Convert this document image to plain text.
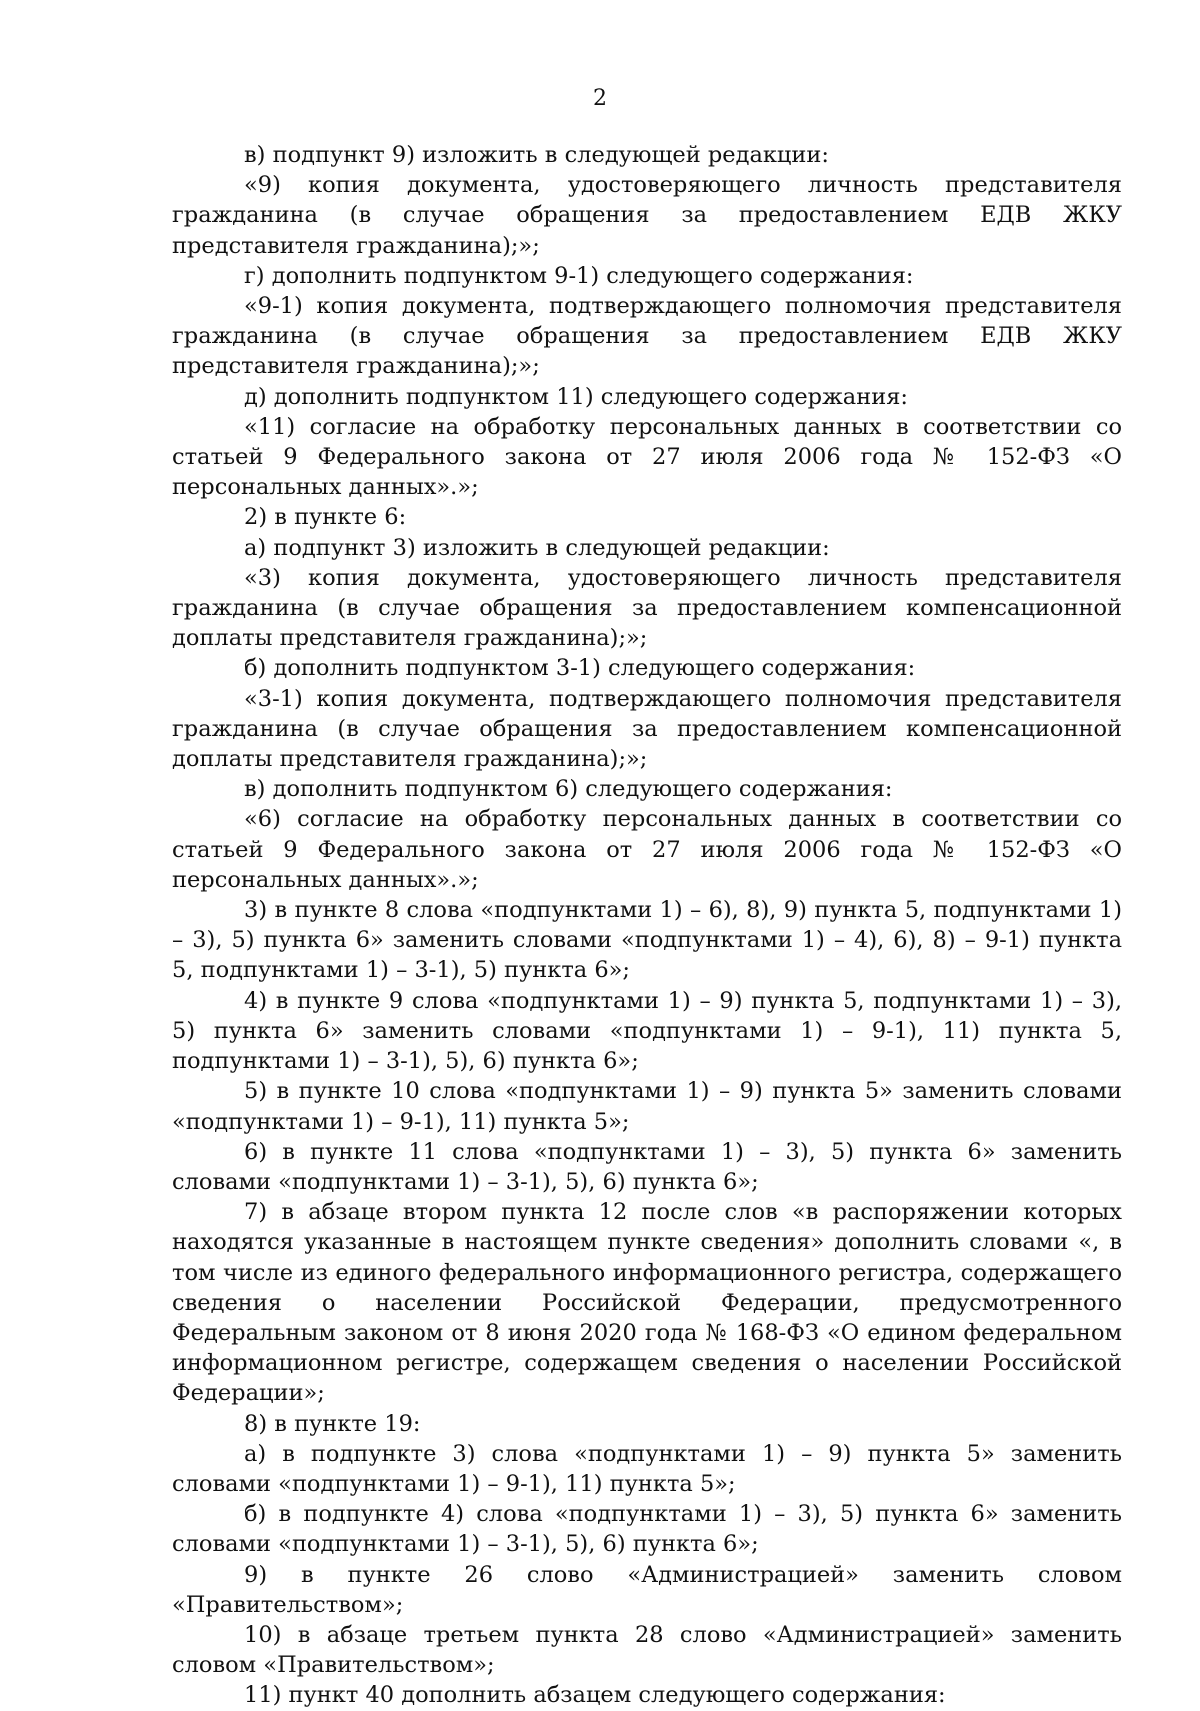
2

в) подпункт 9) изложить в следующей редакции:

«9) копия документа, удостоверяющего личность представителя гражданина (в случае обращения за предоставлением ЕДВ ЖКУ представителя гражданина);»;

г) дополнить подпунктом 9-1) следующего содержания:

«9-1) копия документа, подтверждающего полномочия представителя гражданина (в случае обращения за предоставлением ЕДВ ЖКУ представителя гражданина);»;

д) дополнить подпунктом 11) следующего содержания:

«11) согласие на обработку персональных данных в соответствии со статьей 9 Федерального закона от 27 июля 2006 года № 152-ФЗ «О персональных данных».»;

2) в пункте 6:

а) подпункт 3) изложить в следующей редакции:

«3) копия документа, удостоверяющего личность представителя гражданина (в случае обращения за предоставлением компенсационной доплаты представителя гражданина);»;

б) дополнить подпунктом 3-1) следующего содержания:

«3-1) копия документа, подтверждающего полномочия представителя гражданина (в случае обращения за предоставлением компенсационной доплаты представителя гражданина);»;

в) дополнить подпунктом 6) следующего содержания:

«6) согласие на обработку персональных данных в соответствии со статьей 9 Федерального закона от 27 июля 2006 года № 152-ФЗ «О персональных данных».»;

3) в пункте 8 слова «подпунктами 1) – 6), 8), 9) пункта 5, подпунктами 1) – 3), 5) пункта 6» заменить словами «подпунктами 1) – 4), 6), 8) – 9-1) пункта 5, подпунктами 1) – 3-1), 5) пункта 6»;

4) в пункте 9 слова «подпунктами 1) – 9) пункта 5, подпунктами 1) – 3), 5) пункта 6» заменить словами «подпунктами 1) – 9-1), 11) пункта 5, подпунктами 1) – 3-1), 5), 6) пункта 6»;

5) в пункте 10 слова «подпунктами 1) – 9) пункта 5» заменить словами «подпунктами 1) – 9-1), 11) пункта 5»;

6) в пункте 11 слова «подпунктами 1) – 3), 5) пункта 6» заменить словами «подпунктами 1) – 3-1), 5), 6) пункта 6»;

7) в абзаце втором пункта 12 после слов «в распоряжении которых находятся указанные в настоящем пункте сведения» дополнить словами «, в том числе из единого федерального информационного регистра, содержащего сведения о населении Российской Федерации, предусмотренного Федеральным законом от 8 июня 2020 года № 168-ФЗ «О едином федеральном информационном регистре, содержащем сведения о населении Российской Федерации»;

8) в пункте 19:

а) в подпункте 3) слова «подпунктами 1) – 9) пункта 5» заменить словами «подпунктами 1) – 9-1), 11) пункта 5»;

б) в подпункте 4) слова «подпунктами 1) – 3), 5) пункта 6» заменить словами «подпунктами 1) – 3-1), 5), 6) пункта 6»;

9) в пункте 26 слово «Администрацией» заменить словом «Правительством»;

10) в абзаце третьем пункта 28 слово «Администрацией» заменить словом «Правительством»;

11) пункт 40 дополнить абзацем следующего содержания:
